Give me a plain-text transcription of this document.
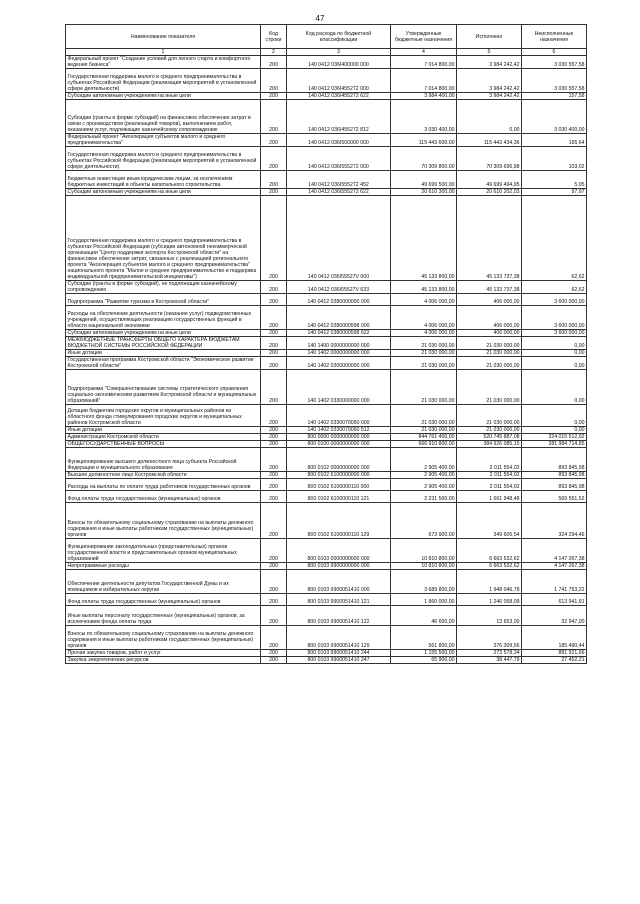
47
Наименование показателя	Код строки	Код расхода по бюджетной классификации	Утвержденные бюджетные назначения	Исполнено	Неисполненные назначения
1	2	3	4	5	6
Федеральный проект "Создание условий для легкого старта и комфортного ведения бизнеса"	200	140 0412 036I400000 000	7 014 800,00	3 984 242,42	3 030 557,58
Государственная поддержка малого и среднего предпринимательства в субъектах Российской Федерации (реализация мероприятий в установленной сфере деятельности)	200	140 0412 036I455272 000	7 014 800,00	3 984 242,42	3 030 557,58
Субсидии автономным учреждениям на иные цели	200	140 0412 036I455272 622	3 984 400,00	3 984 242,42	157,58
Субсидии (гранты в форме субсидий) на финансовое обеспечение затрат в связи с производством (реализацией товаров), выполнением работ, оказанием услуг, подлежащие казначейскому сопровождению	200	140 0412 036I455272 812	3 030 400,00	0,00	3 030 400,00
Федеральный проект "Акселерация субъектов малого и среднего предпринимательства"	200	140 0412 036I500000 000	115 443 600,00	115 443 434,36	165,64
Государственная поддержка малого и среднего предпринимательства в субъектах Российской Федерации (реализация мероприятий в установленной сфере деятельности)	200	140 0412 036I555272 000	70 309 800,00	70 309 696,98	103,02
Бюджетные инвестиции иным юридическим лицам, за исключением бюджетных инвестиций в объекты капитального строительства	200	140 0412 036I555272 452	49 699 500,00	49 699 494,95	5,05
Субсидии автономным учреждениям на иные цели	200	140 0412 036I555272 622	20 610 300,00	20 610 202,03	97,97
Государственная поддержка малого и среднего предпринимательства в субъектах Российской Федерации (субсидии автономной некоммерческой организации "Центр поддержки экспорта Костромской области" на финансовое обеспечение затрат, связанных с реализацией регионального проекта "Акселерация субъектов малого и среднего предпринимательства" национального проекта "Малое и среднее предпринимательство и поддержка индивидуальной предпринимательской инициативы")	200	140 0412 036I55527V 000	45 133 800,00	45 133 737,38	62,62
Субсидии (гранты в форме субсидий), не подлежащие казначейскому сопровождению	200	140 0412 036I55527V 633	45 133 800,00	45 133 737,38	62,62
Подпрограмма "Развитие туризма в Костромской области"	200	140 0412 0380000000 000	4 006 000,00	406 000,00	3 600 000,00
Расходы на обеспечение деятельности (оказание услуг) подведомственных учреждений, осуществляющих реализацию государственных функций в области национальной экономики	200	140 0412 0380000598 000	4 006 000,00	406 000,00	3 600 000,00
Субсидии автономным учреждениям на иные цели	200	140 0412 0380000598 622	4 006 000,00	406 000,00	3 600 000,00
МЕЖБЮДЖЕТНЫЕ ТРАНСФЕРТЫ ОБЩЕГО ХАРАКТЕРА БЮДЖЕТАМ БЮДЖЕТНОЙ СИСТЕМЫ РОССИЙСКОЙ ФЕДЕРАЦИИ	200	140 1400 0000000000 000	21 030 000,00	21 030 000,00	0,00
Иные дотации	200	140 1402 0000000000 000	21 030 000,00	21 030 000,00	0,00
Государственная программа Костромской области "Экономическое развитие Костромской области"	200	140 1402 0300000000 000	21 030 000,00	21 030 000,00	0,00
Подпрограмма "Совершенствование системы стратегического управления социально-экономическим развитием Костромской области и муниципальных образований"	200	140 1402 0330000000 000	21 030 000,00	21 030 000,00	0,00
Дотации бюджетам городских округов и муниципальных районов из областного фонда стимулирования городских округов и муниципальных районов Костромской области	200	140 1402 0330070050 000	21 030 000,00	21 030 000,00	0,00
Иные дотации	200	140 1402 0330070050 512	21 030 000,00	21 030 000,00	0,00
Администрация Костромской области	200	800 0000 0000000000 000	844 761 400,00	520 745 887,08	324 015 512,92
ОБЩЕГОСУДАРСТВЕННЫЕ ВОПРОСЫ	200	800 0100 0000000000 000	666 910 800,00	384 926 085,15	281 984 714,85
Функционирование высшего должностного лица субъекта Российской Федерации и муниципального образования	200	800 0102 0000000000 000	2 905 400,00	2 011 554,02	893 845,98
Высшее должностное лицо Костромской области	200	800 0102 6100000000 000	2 905 400,00	2 011 554,02	893 845,98
Расходы на выплаты по оплате труда работников государственных органов	200	800 0102 6100000110 000	2 905 400,00	2 011 554,02	893 845,98
Фонд оплаты труда государственных (муниципальных) органов	200	800 0102 6100000110 121	2 231 500,00	1 661 948,48	569 551,52
Взносы по обязательному социальному страхованию на выплаты денежного содержания и иные выплаты работникам государственных (муниципальных) органов	200	800 0102 6100000110 129	673 900,00	349 605,54	324 294,46
Функционирование законодательных (представительных) органов государственной власти и представительных органов муниципальных образований	200	800 0103 0000000000 000	10 810 800,00	6 663 532,62	4 147 267,38
Непрограммные расходы	200	800 0103 9900000000 000	10 810 800,00	6 663 532,62	4 147 267,38
Обеспечение деятельности депутатов Государственной Думы и их помощников в избирательных округах	200	800 0103 9900051410 000	3 689 800,00	1 948 046,78	1 741 753,22
Фонд оплаты труда государственных (муниципальных) органов	200	800 0103 9900051410 121	1 860 000,00	1 246 058,09	613 941,91
Иные выплаты персоналу государственных (муниципальных) органов, за исключением фонда оплаты труда	200	800 0103 9900051410 122	46 600,00	13 653,00	32 947,00
Взносы по обязательному социальному страхованию на выплаты денежного содержания и иные выплаты работникам государственных (муниципальных) органов	200	800 0103 9900051410 129	561 800,00	376 309,56	185 490,44
Прочая закупка товаров, работ и услуг	200	800 0103 9900051410 244	1 155 500,00	273 578,34	881 921,66
Закупка энергетических ресурсов	200	800 0103 9900051410 247	65 900,00	38 447,79	27 452,21
